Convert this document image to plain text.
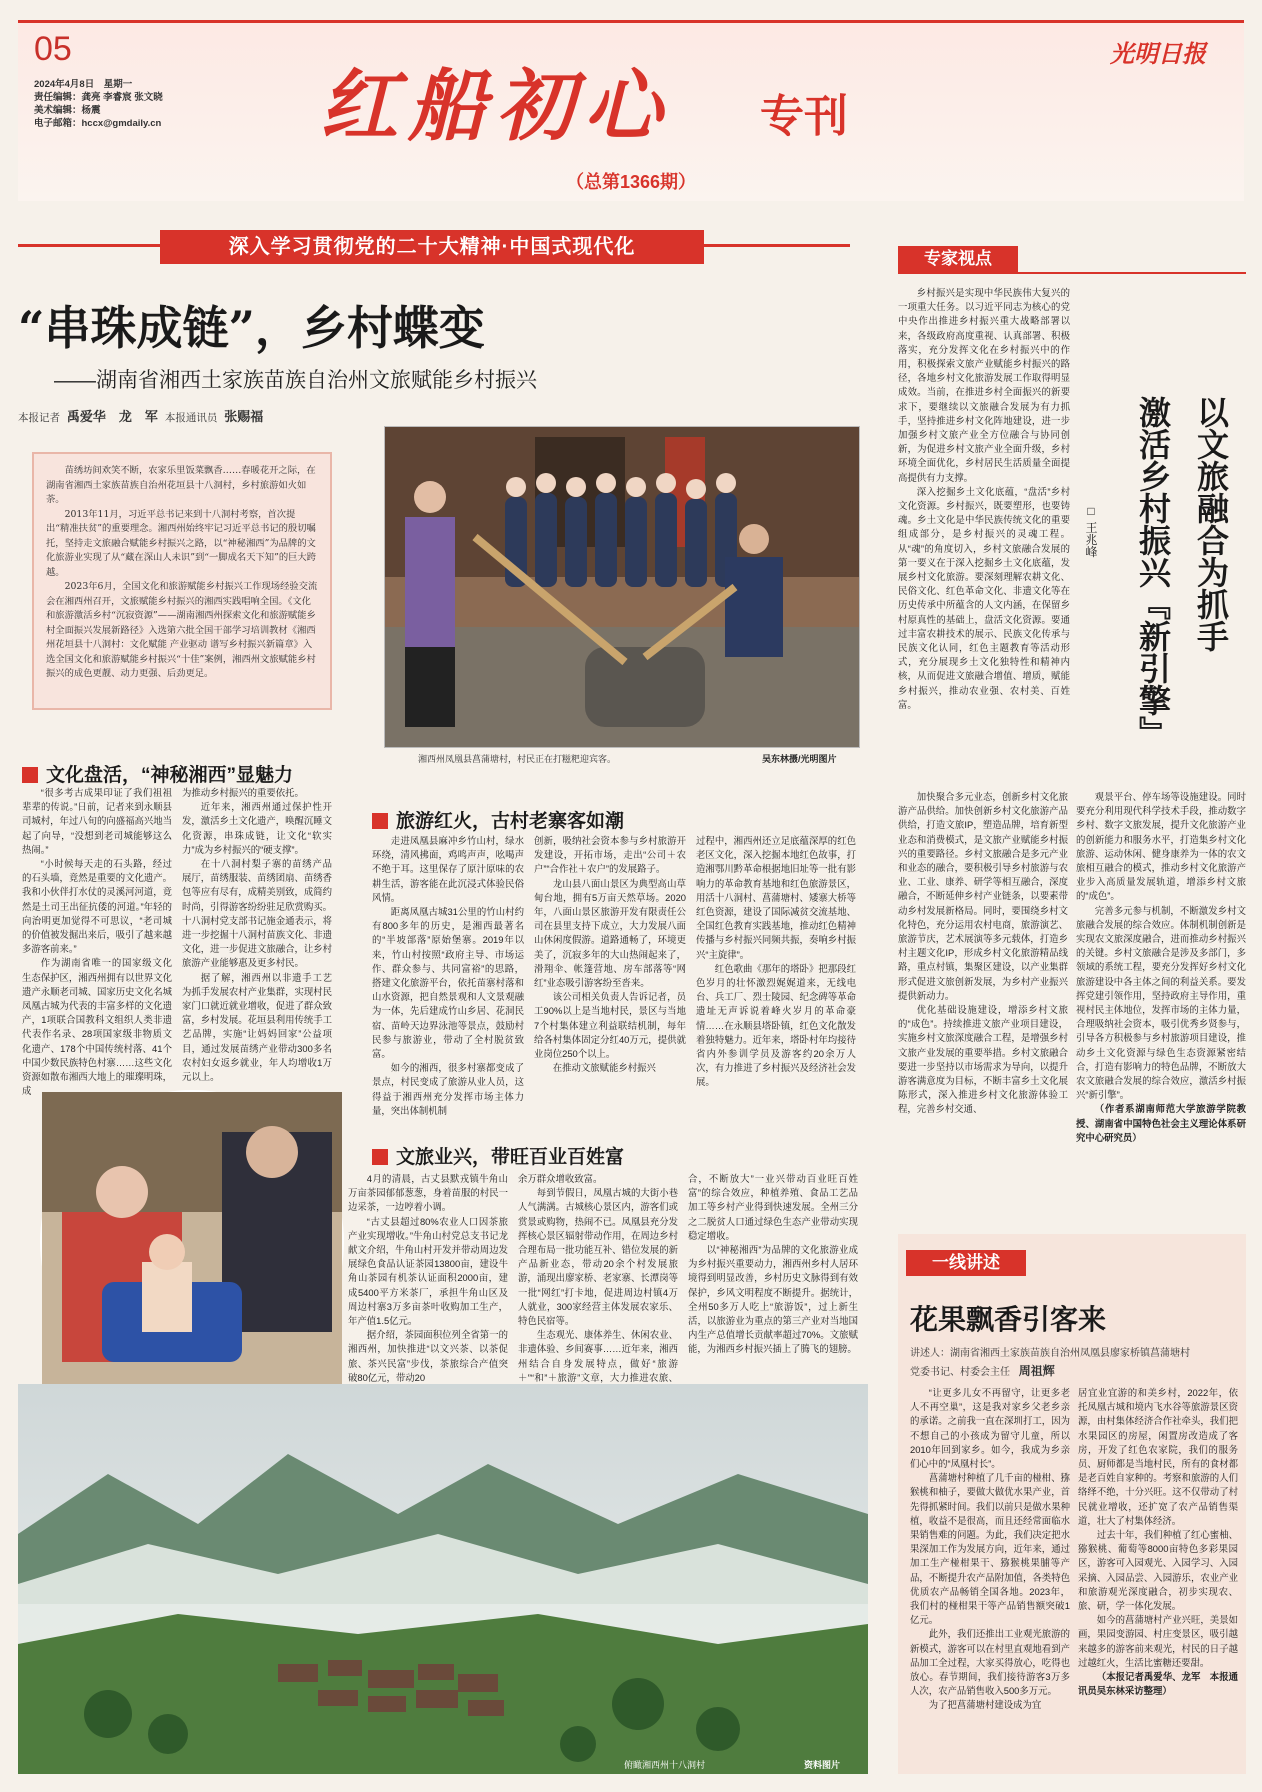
05
2024年4月8日　星期一
责任编辑：龚亮 李睿宸 张文晓
美术编辑：杨震
电子邮箱：hccx@gmdaily.cn 红船初心 专刊
（总第1366期）
光明日报
深入学习贯彻党的二十大精神·中国式现代化
“串珠成链”，乡村蝶变
——湖南省湘西土家族苗族自治州文旅赋能乡村振兴
本报记者 禹爱华　龙　军 本报通讯员 张赐福

苗绣坊间欢笑不断，农家乐里饭菜飘香……春暖花开之际，在湖南省湘西土家族苗族自治州花垣县十八洞村，乡村旅游如火如荼。

2013年11月，习近平总书记来到十八洞村考察，首次提出“精准扶贫”的重要理念。湘西州始终牢记习近平总书记的殷切嘱托，坚持走文旅融合赋能乡村振兴之路，以“神秘湘西”为品牌的文化旅游业实现了从“藏在深山人未识”到“一脚成名天下知”的巨大跨越。

2023年6月，全国文化和旅游赋能乡村振兴工作现场经验交流会在湘西州召开，文旅赋能乡村振兴的湘西实践唱响全国。《文化和旅游激活乡村“沉寂资源”——湖南湘西州探索文化和旅游赋能乡村全面振兴发展新路径》入选第六批全国干部学习培训教材《湘西州花垣县十八洞村：文化赋能 产业驱动 谱写乡村振兴新篇章》入选全国文化和旅游赋能乡村振兴“十佳”案例，湘西州文旅赋能乡村振兴的成色更靓、动力更强、后劲更足。

湘西州凤凰县菖蒲塘村，村民正在打糍粑迎宾客。	吴东林摄/光明图片
文化盘活，“神秘湘西”显魅力

“很多考古成果印证了我们祖祖辈辈的传说。”日前，记者来到永顺县司城村，年过八旬的向盛福高兴地当起了向导，“没想到老司城能够这么热闹。”

“小时候每天走的石头路，经过的石头墙，竟然是重要的文化遗产。我和小伙伴打水仗的灵溪河河道，竟然是土司王出征抗倭的河道。”年轻的向治明更加觉得不可思议，“老司城的价值被发掘出来后，吸引了越来越多游客前来。”

作为湖南省唯一的国家级文化生态保护区，湘西州拥有以世界文化遗产永顺老司城、国家历史文化名城凤凰古城为代表的丰富多样的文化遗产，1项联合国教科文组织人类非遗代表作名录、28项国家级非物质文化遗产、178个中国传统村落、41个中国少数民族特色村寨……这些文化资源如散布湘西大地上的璀璨明珠，成

为推动乡村振兴的重要依托。

近年来，湘西州通过保护性开发，激活乡土文化遗产，唤醒沉睡文化资源，串珠成链，让文化“软实力”成为乡村振兴的“硬支撑”。

在十八洞村梨子寨的苗绣产品展厅，苗绣服装、苗绣团扇、苗绣香包等应有尽有，成精美别致，成简约时尚，引得游客纷纷驻足欣赏购买。十八洞村党支部书记施金通表示，将进一步挖掘十八洞村苗族文化、非遗文化，进一步促进文旅融合，让乡村旅游产业能够惠及更多村民。

据了解，湘西州以非遗手工艺为抓手发展农村产业集群，实现村民家门口就近就业增收，促进了群众致富，乡村发展。花垣县利用传统手工艺品牌，实施“让妈妈回家”公益项目，通过发展苗绣产业带动300多名农村妇女返乡就业，年人均增收1万元以上。

旅游红火，古村老寨客如潮

走进凤凰县麻冲乡竹山村，绿水环绕，清风拂面，鸡鸣声声，吆喝声不绝于耳。这里保存了原汁原味的农耕生活，游客能在此沉浸式体验民俗风情。

距离凤凰古城31公里的竹山村约有800多年的历史，是湘西最著名的“半坡部落”原始堡寨。2019年以来，竹山村按照“政府主导、市场运作、群众参与、共同富裕”的思路，搭建文化旅游平台，依托苗寨村落和山水资源，把自然景观和人文景观融为一体，先后建成竹山乡居、花洞民宿、苗岭天边界泳池等景点，鼓励村民参与旅游业，带动了全村脱贫致富。

如今的湘西，很多村寨都变成了景点，村民变成了旅游从业人员，这得益于湘西州充分发挥市场主体力量，突出体制机制

创新，吸纳社会资本参与乡村旅游开发建设，开拓市场，走出“公司＋农户”“合作社＋农户”的发展路子。

龙山县八面山景区为典型高山草甸台地，拥有5万亩天然草场。2020年，八面山景区旅游开发有限责任公司在县里支持下成立，大力发展八面山休闲度假游。道路通畅了，环境更美了，沉寂多年的大山热闹起来了，滑翔伞、帐篷营地、房车部落等“网红”业态吸引游客纷至沓来。

该公司相关负责人告诉记者，员工90%以上是当地村民，景区与当地7个村集体建立利益联结机制，每年给各村集体固定分红40万元，提供就业岗位250个以上。

在推动文旅赋能乡村振兴

过程中，湘西州还立足底蕴深厚的红色老区文化，深入挖掘本地红色故事，打造湘鄂川黔革命根据地旧址等一批有影响力的革命教育基地和红色旅游景区，用活十八洞村、菖蒲塘村、矮寨大桥等红色资源，建设了国际减贫交流基地、全国红色教育实践基地，推动红色精神传播与乡村振兴同频共振，奏响乡村振兴“主旋律”。

红色歌曲《那年的塔卧》把那段红色岁月的壮怀激烈娓娓道来，无线电台、兵工厂、烈士陵园、纪念碑等革命遗址无声诉说着峰火岁月的革命豪情……在永顺县塔卧镇，红色文化散发着独特魅力。近年来，塔卧村年均接待省内外参训学员及游客约20余万人次，有力推进了乡村振兴及经济社会发展。

文旅业兴，带旺百业百姓富

4月的清晨，古丈县默戎镇牛角山万亩茶园郁郁葱葱，身着苗服的村民一边采茶，一边哼着小调。

“古丈县超过80%农业人口因茶旅产业实现增收。”牛角山村党总支书记龙献文介绍，牛角山村开发并带动周边发展绿色食品认证茶园13800亩，建设牛角山茶园有机茶认证面积2000亩，建成5400平方米茶厂，承担牛角山区及周边村寨3万多亩茶叶收购加工生产，年产值1.5亿元。

据介绍，茶园面积位列全省第一的湘西州，加快推进“以文兴茶、以茶促旅、茶兴民富”步伐，茶旅综合产值突破80亿元，带动20

余万群众增收致富。

每到节假日，凤凰古城的大街小巷人气满满。古城核心景区内，游客们或赏景或购物，热闹不已。凤凰县充分发挥核心景区辐射带动作用，在周边乡村合理布局一批功能互补、错位发展的新产品新业态，带动20余个村发展旅游，涌现出廖家桥、老家寨、长潭岗等一批“网红”打卡地，促进周边村镇4万人就业，300家经营主体发展农家乐、特色民宿等。

生态观光、康体养生、休闲农业、非遗体验、乡间赛事……近年来，湘西州结合自身发展特点，做好“旅游＋”“和”＋旅游”文章，大力推进农旅、

合，不断放大”一业兴带动百业旺百姓富”的综合效应，种植养殖、食品工艺品加工等乡村产业得到快速发展。全州三分之二脱贫人口通过绿色生态产业带动实现稳定增收。

以“神秘湘西”为品牌的文化旅游业成为乡村振兴重要动力，湘西州乡村人居环境得到明显改善，乡村历史文脉得到有效保护，乡风文明程度不断提升。据统计，全州50多万人吃上“旅游饭”，过上新生活，以旅游业为重点的第三产业对当地国内生产总值增长贡献率超过70%。文旅赋能，为湘西乡村振兴插上了腾飞的翅膀。

俯瞰湘西州十八洞村	资料图片
专家视点
以文旅融合为抓手
激活乡村振兴『新引擎』
□ 王兆峰

乡村振兴是实现中华民族伟大复兴的一项重大任务。以习近平同志为核心的党中央作出推进乡村振兴重大战略部署以来，各级政府高度重视、认真部署、积极落实，充分发挥文化在乡村振兴中的作用，积极探索文旅产业赋能乡村振兴的路径，各地乡村文化旅游发展工作取得明显成效。当前，在推进乡村全面振兴的新要求下，要继续以文旅融合发展为有力抓手，坚持推进乡村文化阵地建设，进一步加强乡村文旅产业全方位融合与协同创新，为促进乡村文旅产业全面升级，乡村环境全面优化，乡村居民生活质量全面提高提供有力支撑。

深入挖掘乡土文化底蕴，“盘活”乡村文化资源。乡村振兴，既要塑形，也要铸魂。乡土文化是中华民族传统文化的重要组成部分，是乡村振兴的灵魂工程。从“魂”的角度切入，乡村文旅融合发展的第一要义在于深入挖掘乡土文化底蕴，发展乡村文化旅游。要深刻理解农耕文化、民俗文化、红色革命文化、非遗文化等在历史传承中所蕴含的人文内涵，在保留乡村原真性的基础上，盘活文化资源。要通过丰富农耕技术的展示、民族文化传承与民族文化认同，红色主题教育等活动形式，充分展现乡土文化独特性和精神内核，从而促进文旅融合增值、增质，赋能乡村振兴，推动农业强、农村美、百姓富。

加快聚合多元业态，创新乡村文化旅游产品供给。加快创新乡村文化旅游产品供给，打造文旅IP，塑造品牌，培育新型业态和消费模式，是文旅产业赋能乡村振兴的重要路径。乡村文旅融合是多元产业和业态的融合，要积极引导乡村旅游与农业、工业、康养、研学等相互融合，深度融合，不断延伸乡村产业链条，以要素带动乡村发展新格局。同时，要围绕乡村文化特色，充分运用农村电商，旅游演艺、旅游节庆，艺术展演等多元载体，打造乡村主题文化IP，形成乡村文化旅游精品线路，重点村镇，集聚区建设，以产业集群形式促进文旅创新发展，为乡村产业振兴提供新动力。

优化基础设施建设，增添乡村文旅的“成色”。持续推进文旅产业项目建设，实施乡村文旅深度融合工程，是增强乡村文旅产业发展的重要举措。乡村文旅融合要进一步坚持以市场需求为导向，以提升游客满意度为目标，不断丰富乡土文化展陈形式，深入推进乡村文化旅游体验工程，完善乡村交通、

观景平台、停车场等设施建设。同时要充分利用现代科学技术手段，推动数字乡村、数字文旅发展，提升文化旅游产业的创新能力和服务水平，打造集乡村文化旅游、运动休闲、健身康养为一体的农文旅相互融合的模式，推动乡村文化旅游产业步入高质量发展轨道，增添乡村文旅的“成色”。

完善多元参与机制，不断激发乡村文旅融合发展的综合效应。体制机制创新是实现农文旅深度融合，进而推动乡村振兴的关键。乡村文旅融合是涉及多部门，多领域的系统工程，要充分发挥好乡村文化旅游建设中各主体之间的利益关系。要发挥党建引领作用，坚持政府主导作用，重视村民主体地位，发挥市场的主体力量，合理吸纳社会资本，吸引优秀乡贤参与，引导各方积极参与乡村旅游项目建设，推动乡土文化资源与绿色生态资源紧密结合，打造有影响力的特色品牌，不断放大农文旅融合发展的综合效应，激活乡村振兴“新引擎”。

（作者系湖南师范大学旅游学院教授、湖南省中国特色社会主义理论体系研究中心研究员）

一线讲述
花果飘香引客来
讲述人：湖南省湘西土家族苗族自治州凤凰县廖家桥镇菖蒲塘村
党委书记、村委会主任 周祖辉

“让更多儿女不再留守，让更多老人不再空巢”，这是我对家乡父老乡亲的承诺。之前我一直在深圳打工，因为不想自己的小孩成为留守儿童，所以2010年回到家乡。如今，我成为乡亲们心中的“凤凰村长”。

菖蒲塘村种植了几千亩的椪柑、猕猴桃和柚子，要做大做优水果产业，首先得抓紧时间。我们以前只是做水果种植，收益不是很高，而且还经常面临水果销售难的问题。为此，我们决定把水果深加工作为发展方向，近年来，通过加工生产椪柑果干、猕猴桃果脯等产品，不断提升农产品附加值，各类特色优质农产品畅销全国各地。2023年，我们村的椪柑果干等产品销售额突破1亿元。

此外，我们还推出工业观光旅游的新模式，游客可以在村里直观地看到产品加工全过程，大家买得放心，吃得也放心。春节期间，我们接待游客3万多人次，农产品销售收入500多万元。

为了把菖蒲塘村建设成为宜

居宜业宜游的和美乡村，2022年，依托凤凰古城和境内飞水谷等旅游景区资源，由村集体经济合作社牵头，我们把水果园区的房屋，闲置房改造成了客房，开发了红色农家院，我们的服务员、厨师都是当地村民，所有的食材都是老百姓自家种的。考察和旅游的人们络绎不绝，十分兴旺。这不仅带动了村民就业增收，还扩宽了农产品销售渠道，壮大了村集体经济。

过去十年，我们种植了红心蜜柚、猕猴桃、葡萄等8000亩特色多彩果园区，游客可入园观光、入园学习、入园采摘、入园品尝、入园游乐，农业产业和旅游观光深度融合，初步实现农、旅、研，学一体化发展。

如今的菖蒲塘村产业兴旺，美景如画，果园变游园、村庄变景区，吸引越来越多的游客前来观光，村民的日子越过越红火，生活比蜜糖还要甜。

（本报记者禹爱华、龙军　本报通讯员吴东林采访整理）
